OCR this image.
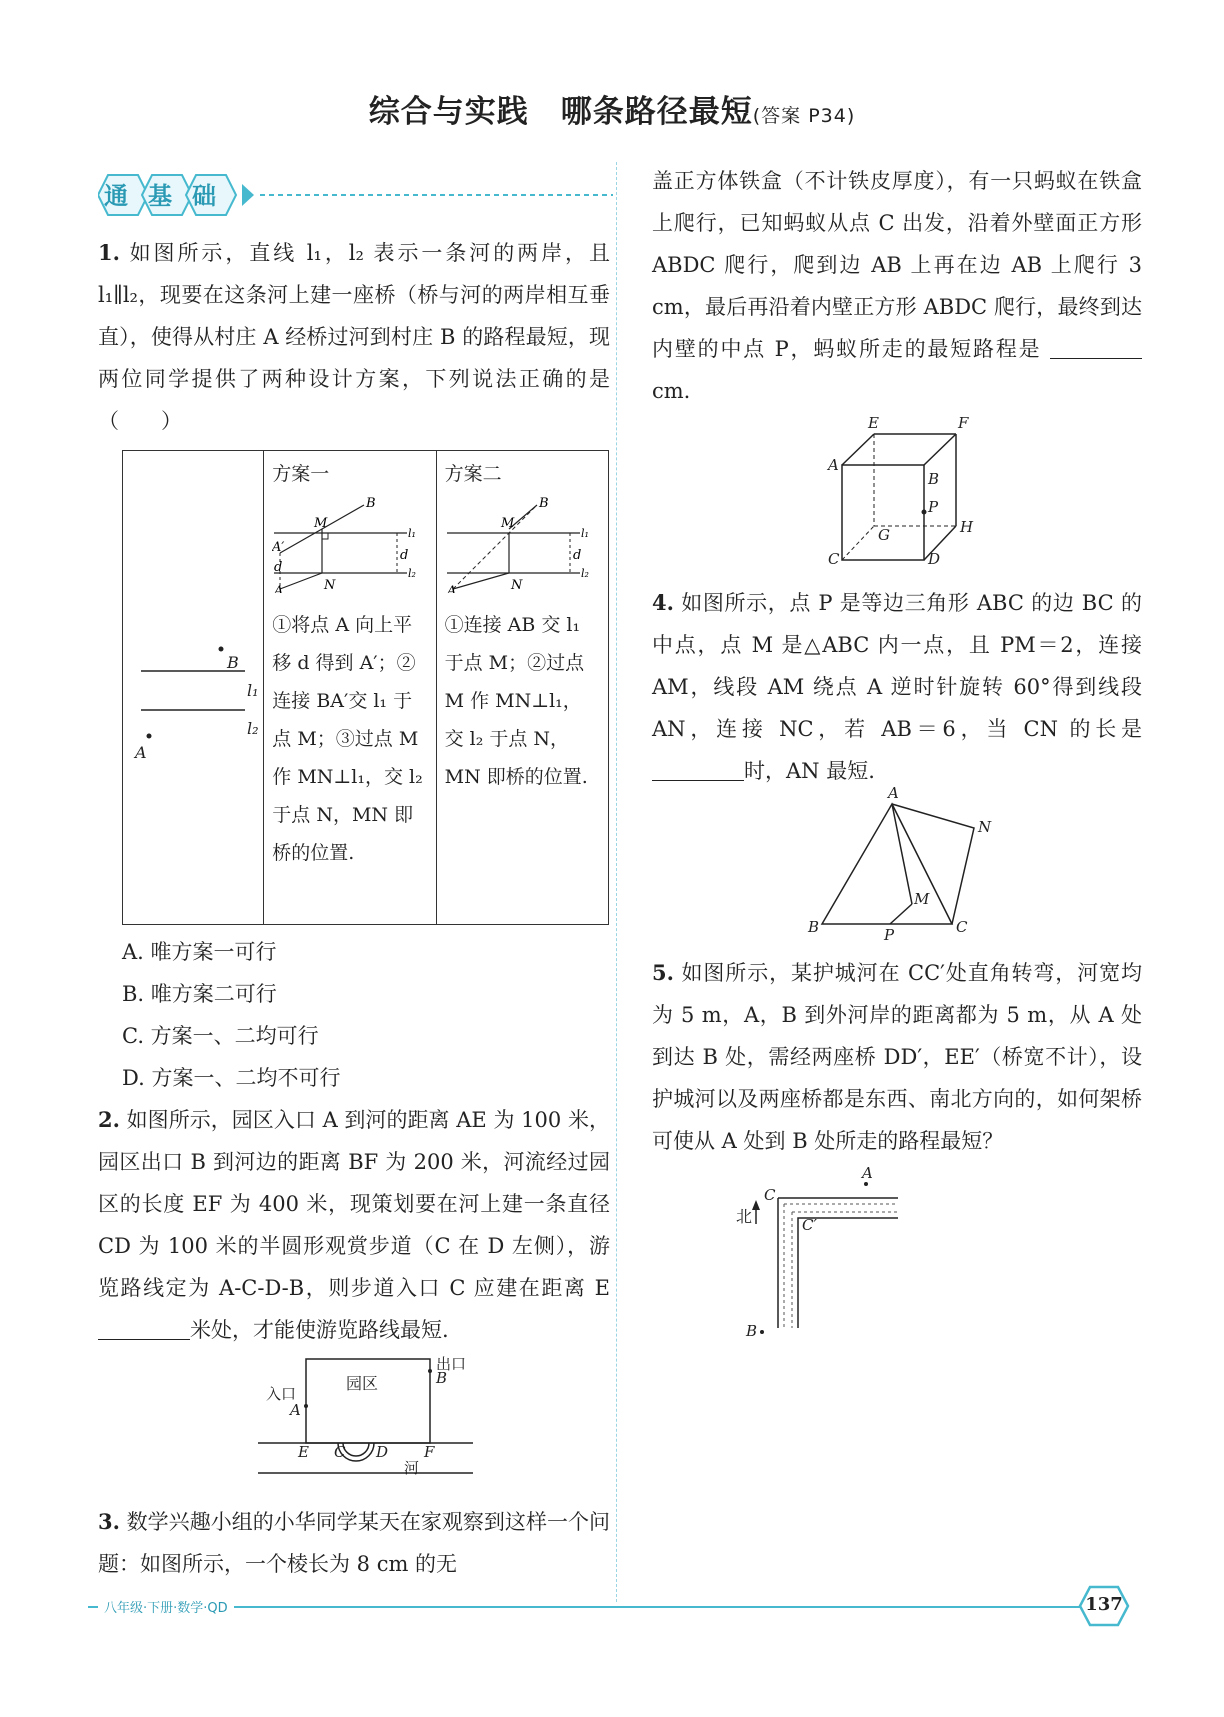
综合与实践　哪条路径最短(答案 P34)
通基础

1. 如图所示，直线 l₁，l₂ 表示一条河的两岸，且 l₁∥l₂，现要在这条河上建一座桥（桥与河的两岸相互垂直），使得从村庄 A 经桥过河到村庄 B 的路程最短，现两位同学提供了两种设计方案，下列说法正确的是（　　）

B
l₁
l₂
A

方案一
M
B
N
A
A′
d
d
l₁
l₂
①将点 A 向上平移 d 得到 A′；②连接 BA′交 l₁ 于点 M；③过点 M 作 MN⊥l₁，交 l₂ 于点 N，MN 即桥的位置.

方案二
M
B
N
A
d
l₁
l₂
①连接 AB 交 l₁ 于点 M；②过点 M 作 MN⊥l₁，交 l₂ 于点 N，MN 即桥的位置.
A. 唯方案一可行
B. 唯方案二可行
C. 方案一、二均可行
D. 方案一、二均不可行

2. 如图所示，园区入口 A 到河的距离 AE 为 100 米，园区出口 B 到河边的距离 BF 为 200 米，河流经过园区的长度 EF 为 400 米，现策划要在河上建一条直径 CD 为 100 米的半圆形观赏步道（C 在 D 左侧），游览路线定为 A-C-D-B，则步道入口 C 应建在距离 E 米处，才能使游览路线最短.

园区
入口
A
出口
B
E C D F
河

3. 数学兴趣小组的小华同学某天在家观察到这样一个问题：如图所示，一个棱长为 8 cm 的无

盖正方体铁盒（不计铁皮厚度），有一只蚂蚁在铁盒上爬行，已知蚂蚁从点 C 出发，沿着外壁面正方形 ABDC 爬行，爬到边 AB 上再在边 AB 上爬行 3 cm，最后再沿着内壁正方形 ABDC 爬行，最终到达内壁的中点 P，蚂蚁所走的最短路程是 cm.

E	F
A
B
P
H
G
C	D

4. 如图所示，点 P 是等边三角形 ABC 的边 BC 的中点，点 M 是△ABC 内一点，且 PM＝2，连接 AM，线段 AM 绕点 A 逆时针旋转 60°得到线段 AN，连接 NC，若 AB＝6，当 CN 的长是 时，AN 最短.

A
N
M
B	P	C

5. 如图所示，某护城河在 CC′处直角转弯，河宽均为 5 m，A，B 到外河岸的距离都为 5 m，从 A 处到达 B 处，需经两座桥 DD′，EE′（桥宽不计），设护城河以及两座桥都是东西、南北方向的，如何架桥可使从 A 处到 B 处所走的路程最短？

A
北
C
C′
B
八年级·下册·数学·QD	137
